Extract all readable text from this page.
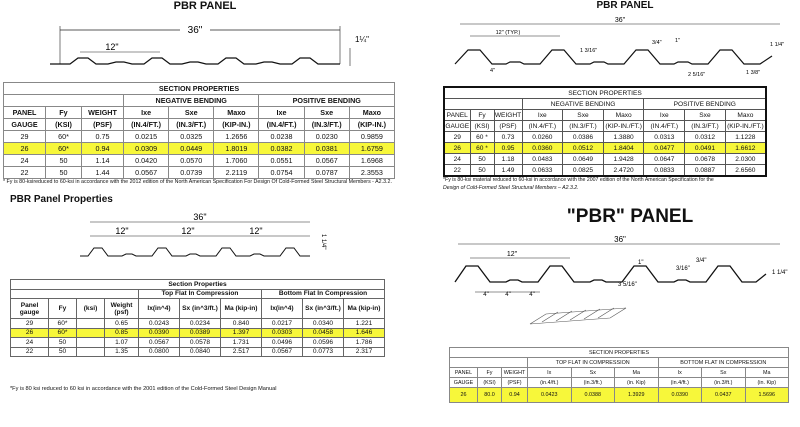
PBR PANEL
36"
12"
1¼"
SECTION PROPERTIES								
			NEGATIVE BENDING			POSITIVE BENDING		
PANEL	Fy	WEIGHT	Ixe	Sxe	Maxo	Ixe	Sxe	Maxo
GAUGE	(KSI)	(PSF)	(IN.4/FT.)	(IN.3/FT.)	(KIP-IN.)	(IN.4/FT.)	(IN.3/FT.)	(KIP-IN.)
29	60*	0.75	0.0215	0.0325	1.2656	0.0238	0.0230	0.9859
26	60*	0.94	0.0309	0.0449	1.8019	0.0382	0.0381	1.6759
24	50	1.14	0.0420	0.0570	1.7060	0.0551	0.0567	1.6968
22	50	1.44	0.0567	0.0739	2.2119	0.0754	0.0787	2.3553
* Fy is 80-ksireduced to 60-ksi in accordance with the 2012 edition of the North American Specification For Design Of Cold-Formed Steel Structural Members - A2.3.2.
PBR PANEL
36"
12" (TYP.)
1 3/16"
3/4" 1"
1 1/4"
1 3/8"
2 5/16"
4"
SECTION PROPERTIES								
			NEGATIVE BENDING			POSITIVE BENDING		
PANEL	Fy	WEIGHT	Ixe	Sxe	Maxo	Ixe	Sxe	Maxo
GAUGE	(KSI)	(PSF)	(IN.4/FT.)	(IN.3/FT.)	(KIP-IN./FT.)	(IN.4/FT.)	(IN.3/FT.)	(KIP-IN./FT.)
29	60 *	0.73	0.0260	0.0386	1.3880	0.0313	0.0312	1.1228
26	60 *	0.95	0.0360	0.0512	1.8404	0.0477	0.0491	1.6612
24	50	1.18	0.0483	0.0649	1.9428	0.0647	0.0678	2.0300
22	50	1.49	0.0633	0.0825	2.4720	0.0833	0.0887	2.6560
*Fy is 80-ksi material reduced to 60-ksi in accordance with the 2007 edition of the North American Specification for the
Design of Cold-Formed Steel Structural Members – A2.3.2.
PBR Panel Properties
36"
12"	12"	12"
1 1/4"
Section Properties									
				Top Flat In Compression			Bottom Flat In Compression		
Panel gauge	Fy	(ksi)	Weight (psf)	Ix(in^4)	Sx (in^3/ft.)	Ma (kip-in)	Ix(in^4)	Sx (in^3/ft.)	Ma (kip-in)
29	60*		0.65	0.0243	0.0234	0.840	0.0217	0.0340	1.221
26	60*		0.85	0.0390	0.0389	1.397	0.0303	0.0458	1.646
24	50		1.07	0.0567	0.0578	1.731	0.0496	0.0596	1.786
22	50		1.35	0.0800	0.0840	2.517	0.0567	0.0773	2.317
*Fy is 80 ksi reduced to 60 ksi in accordance with the 2001 edition of the Cold-Formed Steel Design Manual
"PBR" PANEL
36"
12"
4"	4"	4"
1"
3 5/16"
3/16"
3/4"
1 1/4"
SECTION PROPERTIES								
			TOP FLAT IN COMPRESSION			BOTTOM FLAT IN COMPRESSION		
PANEL	Fy	WEIGHT	Ix	Sx	Ma	Ix	Sx	Ma
GAUGE	(KSI)	(PSF)	(in.4/ft.)	(in.3/ft.)	(in. Kip)	(in.4/ft.)	(in.3/ft.)	(in. Kip)
26	80.0	0.94	0.0423	0.0388	1.3929	0.0390	0.0437	1.5696
